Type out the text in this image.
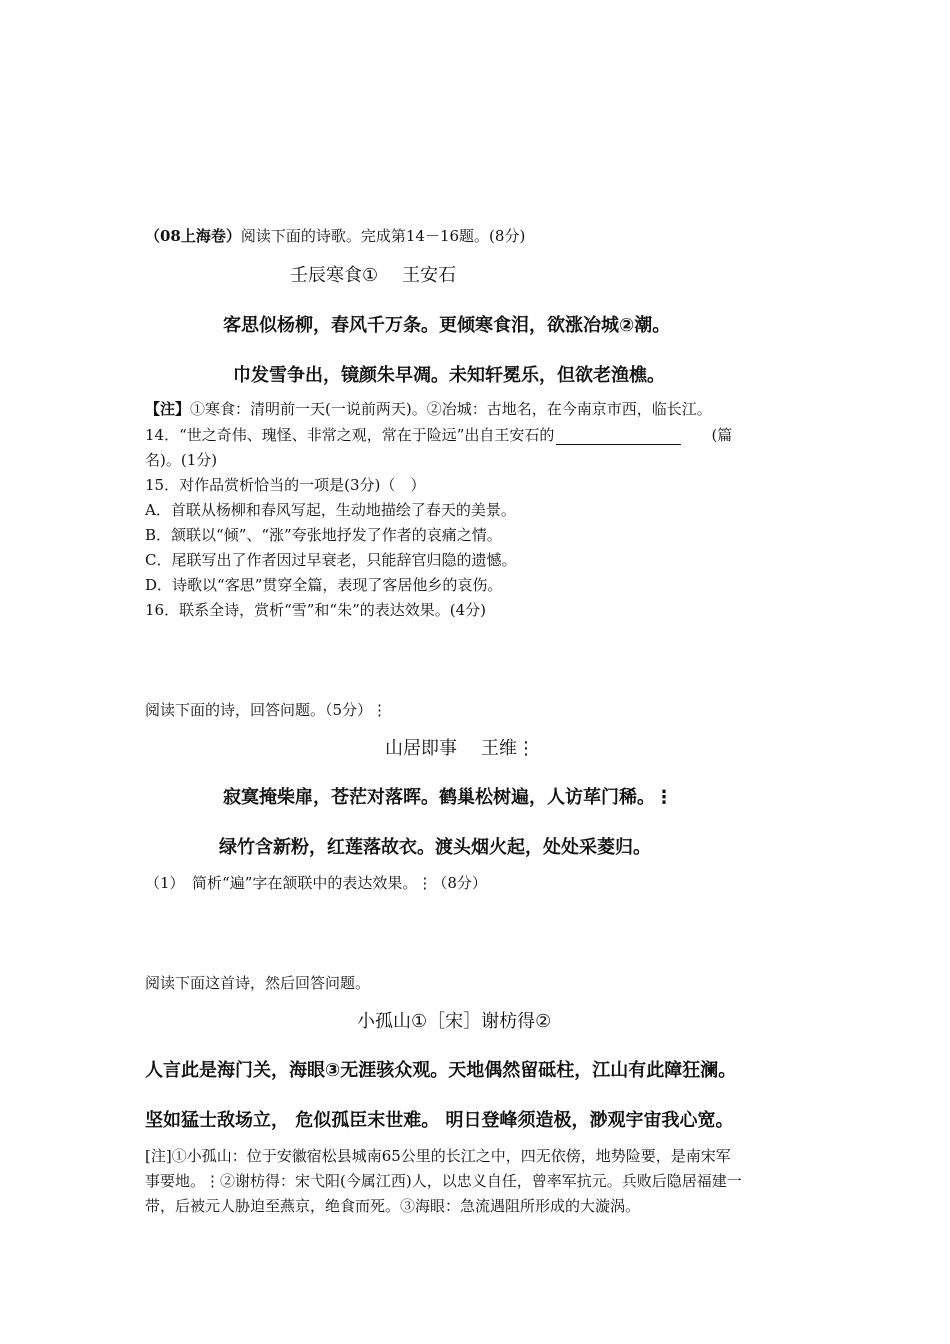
（08上海卷）阅读下面的诗歌。完成第14－16题。(8分)
壬辰寒食① 王安石
客思似杨柳，春风千万条。更倾寒食泪，欲涨冶城②潮。
巾发雪争出，镜颜朱早凋。未知轩冕乐，但欲老渔樵。
【注】①寒食：清明前一天(一说前两天)。②冶城：古地名，在今南京市西，临长江。
14．“世之奇伟、瑰怪、非常之观，常在于险远”出自王安石的	(篇
名)。(1分)
15．对作品赏析恰当的一项是(3分)（　）
A．首联从杨柳和春风写起，生动地描绘了春天的美景。
B．颔联以“倾”、“涨”夸张地抒发了作者的哀痛之情。
C．尾联写出了作者因过早衰老，只能辞官归隐的遗憾。
D．诗歌以“客思”贯穿全篇，表现了客居他乡的哀伤。
16．联系全诗，赏析“雪”和“朱”的表达效果。(4分)
阅读下面的诗，回答问题。（5分）⋮
山居即事 王维⋮
寂寞掩柴扉，苍茫对落晖。鹤巢松树遍，人访荜门稀。⋮
绿竹含新粉，红莲落故衣。渡头烟火起，处处采菱归。
（1）　简析“遍”字在颔联中的表达效果。⋮（8分）
阅读下面这首诗，然后回答问题。
小孤山①［宋］谢枋得②
人言此是海门关，海眼③无涯骇众观。天地偶然留砥柱，江山有此障狂澜。
坚如猛士敌场立， 危似孤臣末世难。 明日登峰须造极，渺观宇宙我心宽。
[注]①小孤山：位于安徽宿松县城南65公里的长江之中，四无依傍，地势险要，是南宋军
事要地。⋮②谢枋得：宋弋阳(今属江西)人，以忠义自任，曾率军抗元。兵败后隐居福建一
带，后被元人胁迫至燕京，绝食而死。③海眼：急流遇阻所形成的大漩涡。
